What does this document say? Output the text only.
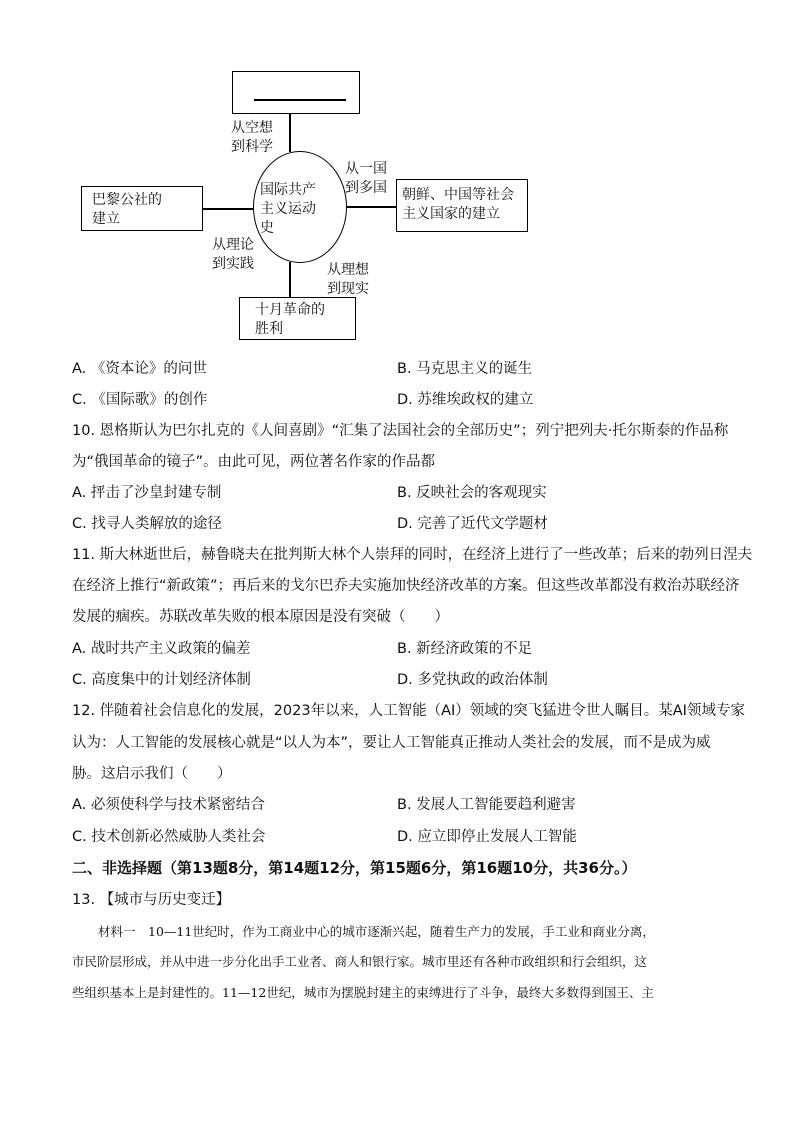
国际共产
主义运动
史
巴黎公社的
建立
朝鲜、中国等社会
主义国家的建立
十月革命的
胜利
从空想
到科学
从一国
到多国
从理论
到实践	从理想
到现实
A. 《资本论》的问世	B. 马克思主义的诞生
C. 《国际歌》的创作	D. 苏维埃政权的建立
10. 恩格斯认为巴尔扎克的《人间喜剧》“汇集了法国社会的全部历史”；列宁把列夫·托尔斯泰的作品称
为“俄国革命的镜子”。由此可见，两位著名作家的作品都
A. 抨击了沙皇封建专制	B. 反映社会的客观现实
C. 找寻人类解放的途径	D. 完善了近代文学题材
11. 斯大林逝世后，赫鲁晓夫在批判斯大林个人崇拜的同时，在经济上进行了一些改革；后来的勃列日涅夫
在经济上推行“新政策”；再后来的戈尔巴乔夫实施加快经济改革的方案。但这些改革都没有救治苏联经济
发展的痼疾。苏联改革失败的根本原因是没有突破（　　）
A. 战时共产主义政策的偏差	B. 新经济政策的不足
C. 高度集中的计划经济体制	D. 多党执政的政治体制
12. 伴随着社会信息化的发展，2023年以来，人工智能（AI）领域的突飞猛进令世人瞩目。某AI领域专家
认为：人工智能的发展核心就是“以人为本”，要让人工智能真正推动人类社会的发展，而不是成为威
胁。这启示我们（　　）
A. 必须使科学与技术紧密结合	B. 发展人工智能要趋利避害
C. 技术创新必然威胁人类社会	D. 应立即停止发展人工智能
二、非选择题（第13题8分，第14题12分，第15题6分，第16题10分，共36分。）
13. 【城市与历史变迁】
材料一　10—11世纪时，作为工商业中心的城市逐渐兴起，随着生产力的发展，手工业和商业分离，
市民阶层形成，并从中进一步分化出手工业者、商人和银行家。城市里还有各种市政组织和行会组织，这
些组织基本上是封建性的。11—12世纪，城市为摆脱封建主的束缚进行了斗争，最终大多数得到国王、主
